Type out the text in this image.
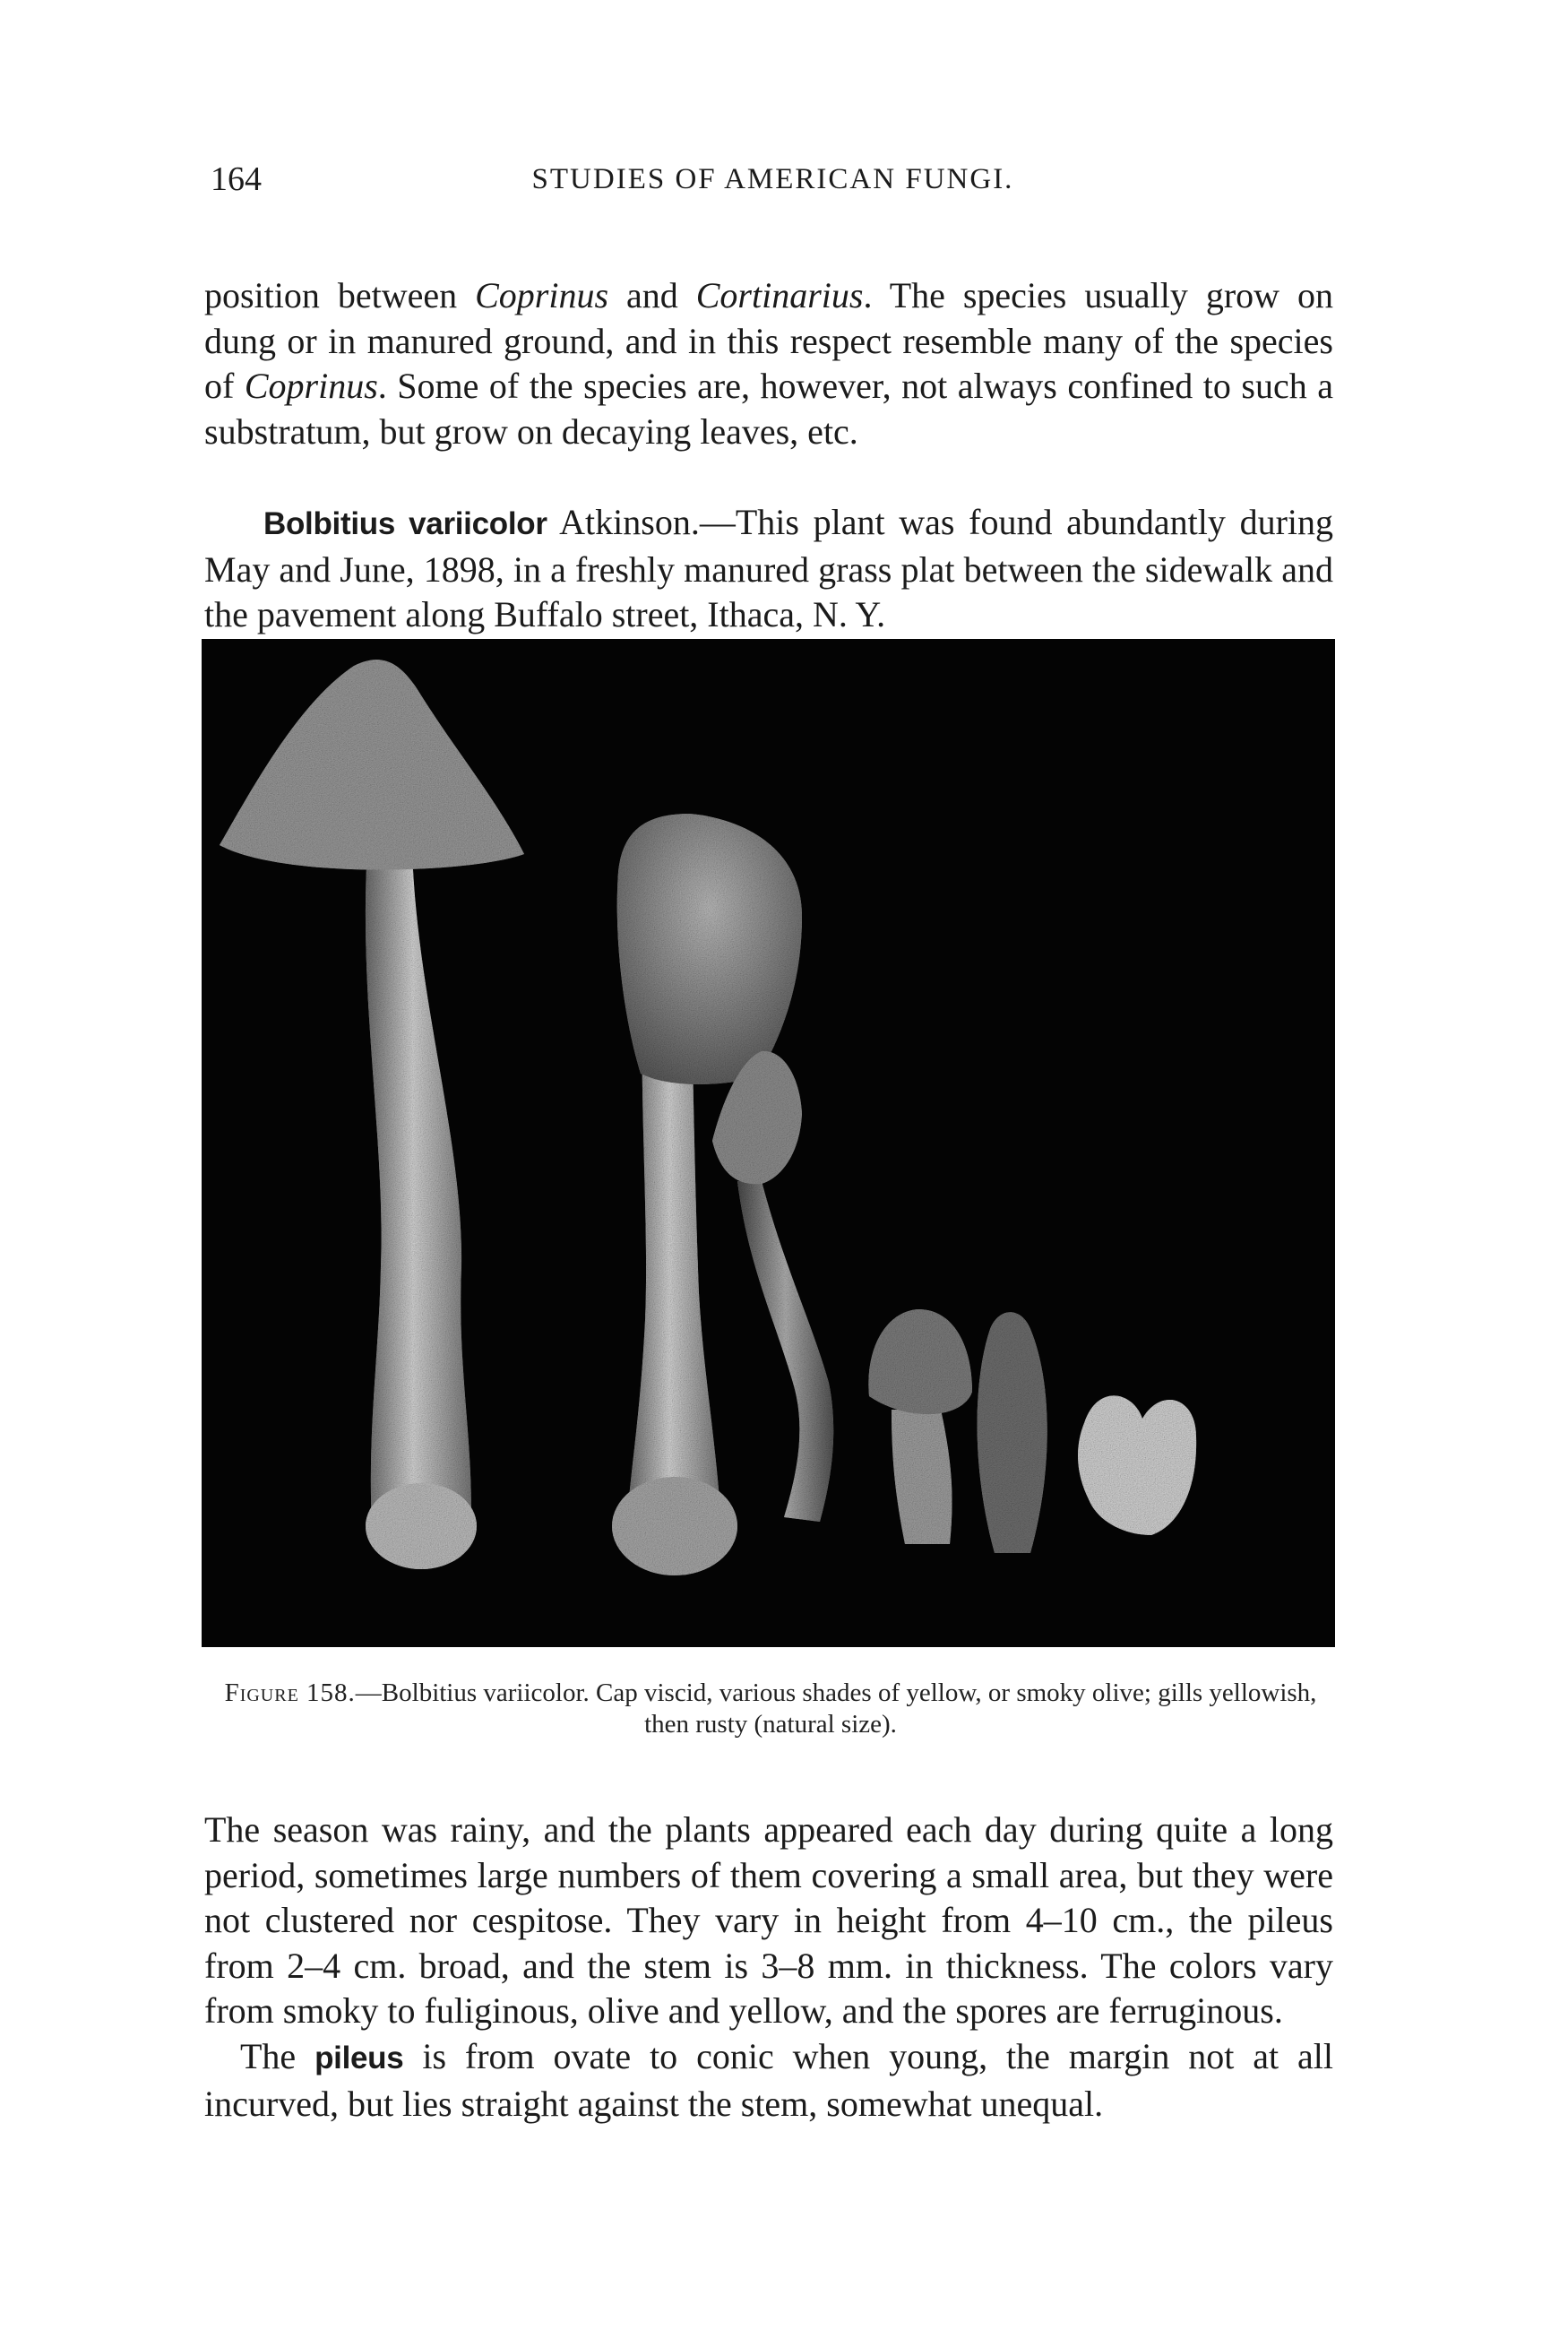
164	STUDIES OF AMERICAN FUNGI.

position between Coprinus and Cortinarius. The species usually grow on dung or in manured ground, and in this respect resemble many of the species of Coprinus. Some of the species are, however, not always confined to such a substratum, but grow on decaying leaves, etc.

Bolbitius variicolor Atkinson.—This plant was found abundantly during May and June, 1898, in a freshly manured grass plat between the sidewalk and the pavement along Buffalo street, Ithaca, N. Y.

Figure 158.—Bolbitius variicolor. Cap viscid, various shades of yellow, or smoky olive; gills yellowish, then rusty (natural size).

The season was rainy, and the plants appeared each day during quite a long period, sometimes large numbers of them covering a small area, but they were not clustered nor cespitose. They vary in height from 4–10 cm., the pileus from 2–4 cm. broad, and the stem is 3–8 mm. in thickness. The colors vary from smoky to fuliginous, olive and yellow, and the spores are ferruginous.

The pileus is from ovate to conic when young, the margin not at all incurved, but lies straight against the stem, somewhat unequal.
